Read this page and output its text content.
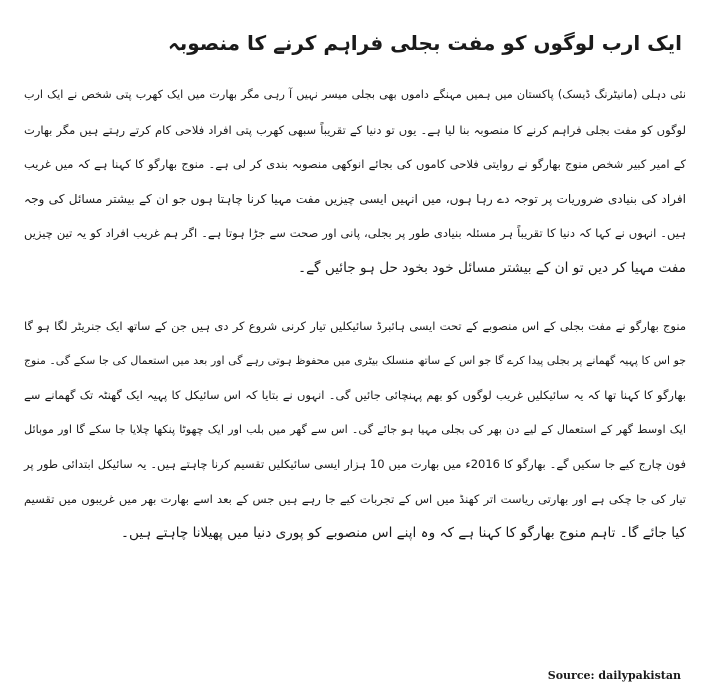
ایک ارب لوگوں کو مفت بجلی فراہم کرنے کا منصوبہ
نئی دہلی (مانیٹرنگ ڈیسک) پاکستان میں ہمیں مہنگے داموں بھی بجلی میسر نہیں آ رہی مگر بھارت میں ایک کھرب پتی شخص نے ایک ارب
لوگوں کو مفت بجلی فراہم کرنے کا منصوبہ بنا لیا ہے۔ یوں تو دنیا کے تقریباً سبھی کھرب پتی افراد فلاحی کام کرتے رہتے ہیں مگر بھارت
کے امیر کبیر شخص منوج بھارگو نے روایتی فلاحی کاموں کی بجائے انوکھی منصوبہ بندی کر لی ہے۔ منوج بھارگو کا کہنا ہے کہ میں غریب
افراد کی بنیادی ضروریات پر توجہ دے رہا ہوں، میں انہیں ایسی چیزیں مفت مہیا کرنا چاہتا ہوں جو ان کے بیشتر مسائل کی وجہ
ہیں۔ انہوں نے کہا کہ دنیا کا تقریباً ہر مسئلہ بنیادی طور پر بجلی، پانی اور صحت سے جڑا ہوتا ہے۔ اگر ہم غریب افراد کو یہ تین چیزیں
مفت مہیا کر دیں تو ان کے بیشتر مسائل خود بخود حل ہو جائیں گے۔
منوج بھارگو نے مفت بجلی کے اس منصوبے کے تحت ایسی ہائبرڈ سائیکلیں تیار کرنی شروع کر دی ہیں جن کے ساتھ ایک جنریٹر لگا ہو گا
جو اس کا پہیہ گھمانے پر بجلی پیدا کرے گا جو اس کے ساتھ منسلک بیٹری میں محفوظ ہوتی رہے گی اور بعد میں استعمال کی جا سکے گی۔ منوج
بھارگو کا کہنا تھا کہ یہ سائیکلیں غریب لوگوں کو بھم پہنچائی جائیں گی۔ انہوں نے بتایا کہ اس سائیکل کا پہیہ ایک گھنٹہ تک گھمانے سے
ایک اوسط گھر کے استعمال کے لیے دن بھر کی بجلی مہیا ہو جائے گی۔ اس سے گھر میں بلب اور ایک چھوٹا پنکھا چلایا جا سکے گا اور موبائل
فون چارج کیے جا سکیں گے۔ بھارگو کا 2016ء میں بھارت میں 10 ہزار ایسی سائیکلیں تقسیم کرنا چاہتے ہیں۔ یہ سائیکل ابتدائی طور پر
تیار کی جا چکی ہے اور بھارتی ریاست اتر کھنڈ میں اس کے تجربات کیے جا رہے ہیں جس کے بعد اسے بھارت بھر میں غریبوں میں تقسیم
کیا جائے گا۔ تاہم منوج بھارگو کا کہنا ہے کہ وہ اپنے اس منصوبے کو پوری دنیا میں پھیلانا چاہتے ہیں۔
Source: dailypakistan
